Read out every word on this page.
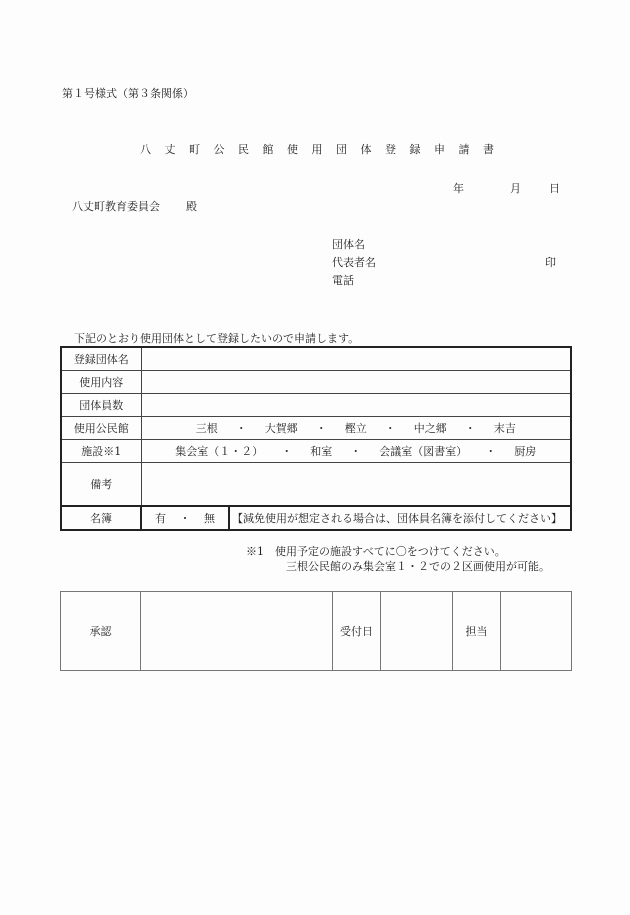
第１号様式（第３条関係）
八丈町公民館使用団体登録申請書
年	月	日
八丈町教育委員会 殿
団体名
代表者名
電話
印
下記のとおり使用団体として登録したいので申請します。
登録団体名		
使用内容		
団体員数		
使用公民館	三根 ・ 大賀郷 ・ 樫立 ・ 中之郷 ・ 末吉

施設※1	集会室（１・２） ・ 和室 ・ 会議室（図書室） ・ 厨房

備考		
名簿	有 ・ 無	【減免使用が想定される場合は、団体員名簿を添付してください】
※1　使用予定の施設すべてに〇をつけてください。
三根公民館のみ集会室１・２での２区画使用が可能。
承認		受付日		担当	
